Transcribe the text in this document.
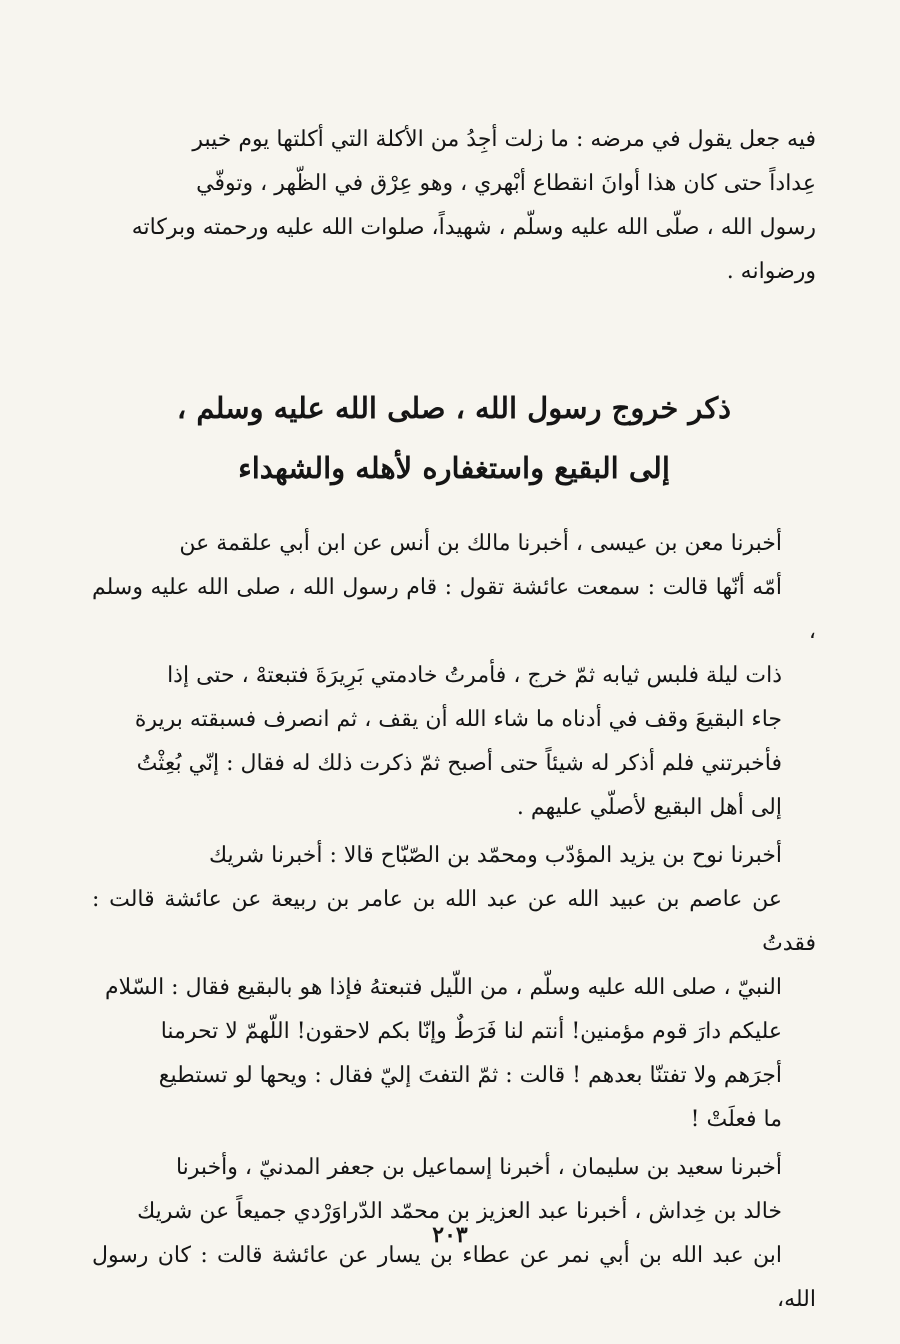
فيه جعل يقول في مرضه : ما زلت أجِدُ من الأكلة التي أكلتها يوم خيبر
عِداداً حتى كان هذا أوانَ انقطاع أبْهري ، وهو عِرْق في الظّهر ، وتوفّي
رسول الله ، صلّى الله عليه وسلّم ، شهيداً، صلوات الله عليه ورحمته وبركاته
ورضوانه .
ذكر خروج رسول الله ، صلى الله عليه وسلم ،
إلى البقيع واستغفاره لأهله والشهداء

أخبرنا معن بن عيسى ، أخبرنا مالك بن أنس عن ابن أبي علقمة عن
أمّه أنّها قالت : سمعت عائشة تقول : قام رسول الله ، صلى الله عليه وسلم ،
ذات ليلة فلبس ثيابه ثمّ خرج ، فأمرتُ خادمتي بَرِيرَةَ فتبعتهْ ، حتى إذا
جاء البقيعَ وقف في أدناه ما شاء الله أن يقف ، ثم انصرف فسبقته بريرة
فأخبرتني فلم أذكر له شيئاً حتى أصبح ثمّ ذكرت ذلك له فقال : إنّي بُعِثْتُ
إلى أهل البقيع لأصلّي عليهم .

أخبرنا نوح بن يزيد المؤدّب ومحمّد بن الصّبّاح قالا : أخبرنا شريك
عن عاصم بن عبيد الله عن عبد الله بن عامر بن ربيعة عن عائشة قالت : فقدتُ
النبيّ ، صلى الله عليه وسلّم ، من اللّيل فتبعتهُ فإذا هو بالبقيع فقال : السّلام
عليكم دارَ قوم مؤمنين! أنتم لنا فَرَطٌ وإنّا بكم لاحقون! اللّهمّ لا تحرمنا
أجرَهم ولا تفتنّا بعدهم ! قالت : ثمّ التفتَ إليّ فقال : ويحها لو تستطيع
ما فعلَتْ !

أخبرنا سعيد بن سليمان ، أخبرنا إسماعيل بن جعفر المدنيّ ، وأخبرنا
خالد بن خِداش ، أخبرنا عبد العزيز بن محمّد الدّراوَرْدي جميعاً عن شريك
ابن عبد الله بن أبي نمر عن عطاء بن يسار عن عائشة قالت : كان رسول الله،

٢٠٣
